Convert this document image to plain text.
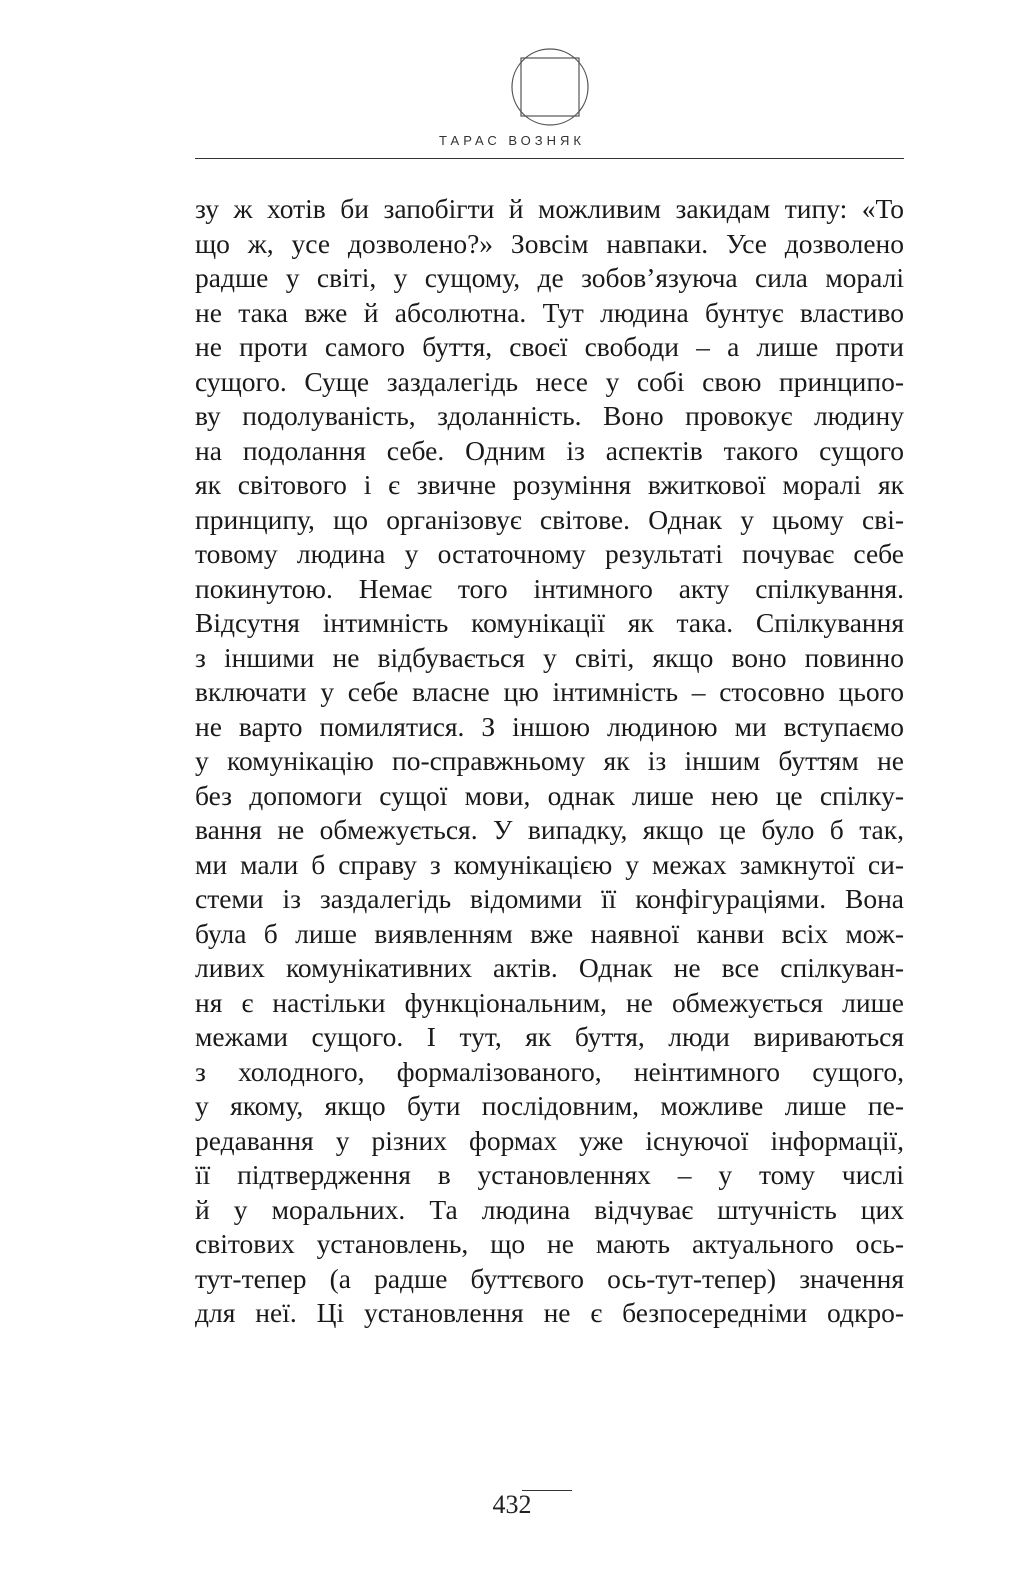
ТАРАС ВОЗНЯК
зу ж хотів би запобігти й можливим закидам типу: «То
що ж, усе дозволено?» Зовсім навпаки. Усе дозволено
радше у світі, у сущому, де зобов’язуюча сила моралі
не така вже й абсолютна. Тут людина бунтує властиво
не проти самого буття, своєї свободи – а лише проти
сущого. Суще заздалегідь несе у собі свою принципо-
ву подолуваність, здоланність. Воно провокує людину
на подолання себе. Одним із аспектів такого сущого
як світового і є звичне розуміння вжиткової моралі як
принципу, що організовує світове. Однак у цьому сві-
товому людина у остаточному результаті почуває себе
покинутою. Немає того інтимного акту спілкування.
Відсутня інтимність комунікації як така. Спілкування
з іншими не відбувається у світі, якщо воно повинно
включати у себе власне цю інтимність – стосовно цього
не варто помилятися. З іншою людиною ми вступаємо
у комунікацію по-справжньому як із іншим буттям не
без допомоги сущої мови, однак лише нею це спілку-
вання не обмежується. У випадку, якщо це було б так,
ми мали б справу з комунікацією у межах замкнутої си-
стеми із заздалегідь відомими її конфігураціями. Вона
була б лише виявленням вже наявної канви всіх мож-
ливих комунікативних актів. Однак не все спілкуван-
ня є настільки функціональним, не обмежується лише
межами сущого. І тут, як буття, люди вириваються
з холодного, формалізованого, неінтимного сущого,
у якому, якщо бути послідовним, можливе лише пе-
редавання у різних формах уже існуючої інформації,
її підтвердження в установленнях – у тому числі
й у моральних. Та людина відчуває штучність цих
світових установлень, що не мають актуального ось-
тут-тепер (а радше буттєвого ось-тут-тепер) значення
для неї. Ці установлення не є безпосередніми одкро-
432
